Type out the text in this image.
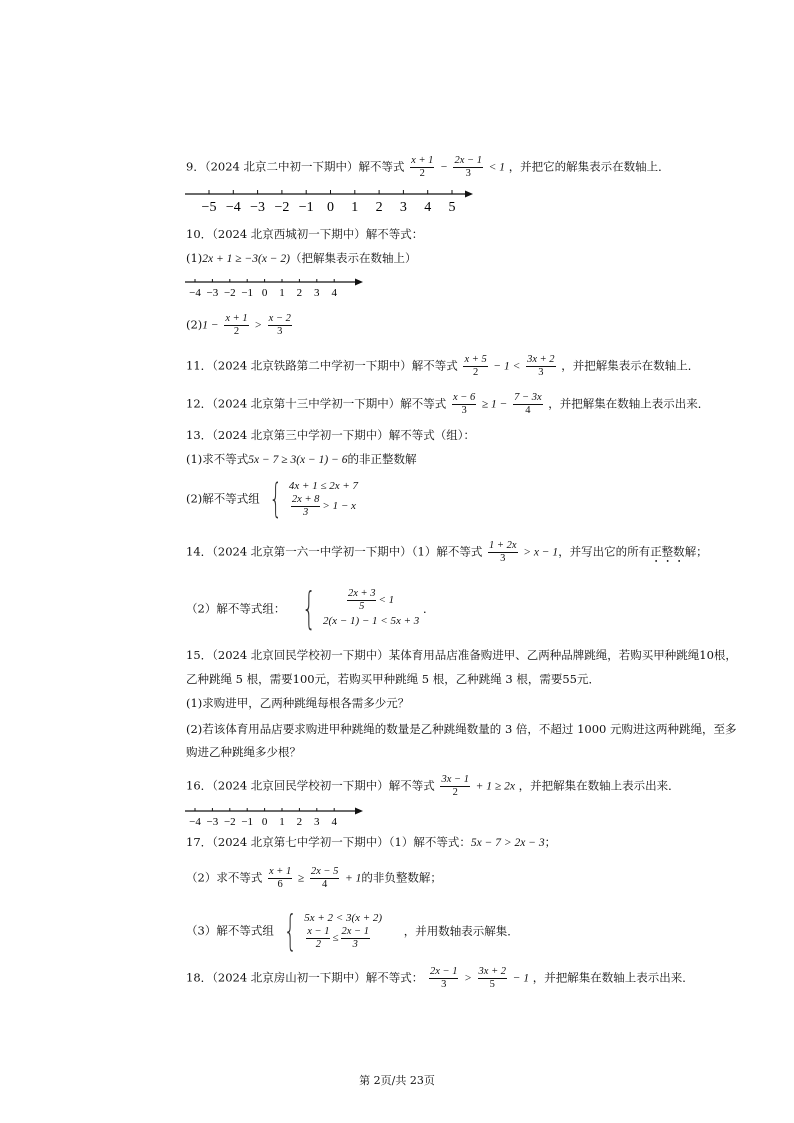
9．（2024 北京二中初一下期中）解不等式 $\frac{x + 1}{2} - \frac{2x - 1}{3} < 1$ ，并把它的解集表示在数轴上．
−5 −4 −3 −2 −1 0 1 2 3 4 5
10．（2024 北京西城初一下期中）解不等式：
(1)2x + 1 ≥ −3(x − 2)（把解集表示在数轴上）
−4 −3 −2 −1 0 1 2 3 4
$(2)1 - \frac{x + 1}{2} > \frac{x - 2}{3}$
11．（2024 北京铁路第二中学初一下期中）解不等式 $\frac{x + 5}{2} - 1 < \frac{3x + 2}{3}$ ，并把解集表示在数轴上．
12．（2024 北京第十三中学初一下期中）解不等式 $\frac{x - 6}{3} \ge 1 - \frac{7 - 3x}{4}$ ，并把解集在数轴上表示出来．
13．（2024 北京第三中学初一下期中）解不等式（组）：
(1)求不等式5x − 7 ≥ 3(x − 1) − 6的非正整数解
(2)解不等式组 { 4x + 1 ≤ 2x + 7
$\frac{2x + 8}{3} > 1 - x$
14．（2024 北京第一六一中学初一下期中）（1）解不等式 $\frac{1 + 2x}{3} > x - 1$，并写出它的所有正整数解；
（2）解不等式组： {	$\frac{2x + 3}{5} < 1$
2(x − 1) − 1 < 5x + 3
．
15．（2024 北京回民学校初一下期中）某体育用品店准备购进甲、乙两种品牌跳绳，若购买甲种跳绳10根，
乙种跳绳 5 根，需要100元，若购买甲种跳绳 5 根，乙种跳绳 3 根，需要55元．
(1)求购进甲，乙两种跳绳每根各需多少元？
(2)若该体育用品店要求购进甲种跳绳的数量是乙种跳绳数量的 3 倍，不超过 1000 元购进这两种跳绳，至多
购进乙种跳绳多少根？
16．（2024 北京回民学校初一下期中）解不等式 $\frac{3x - 1}{2} + 1 \ge 2x$ ，并把解集在数轴上表示出来．
−4 −3 −2 −1 0 1 2 3 4
17．（2024 北京第七中学初一下期中）（1）解不等式：5x − 7 > 2x − 3；
（2）求不等式 $\frac{x + 1}{6} \ge \frac{2x - 5}{4} + 1$的非负整数解；
（3）解不等式组 { 5x + 2 < 3(x + 2)
$\frac{x - 1}{2} \le \frac{2x - 1}{3}$	，并用数轴表示解集．
18．（2024 北京房山初一下期中）解不等式： $\frac{2x - 1}{3} > \frac{3x + 2}{5} - 1$ ，并把解集在数轴上表示出来．
第 2页/共 23页
